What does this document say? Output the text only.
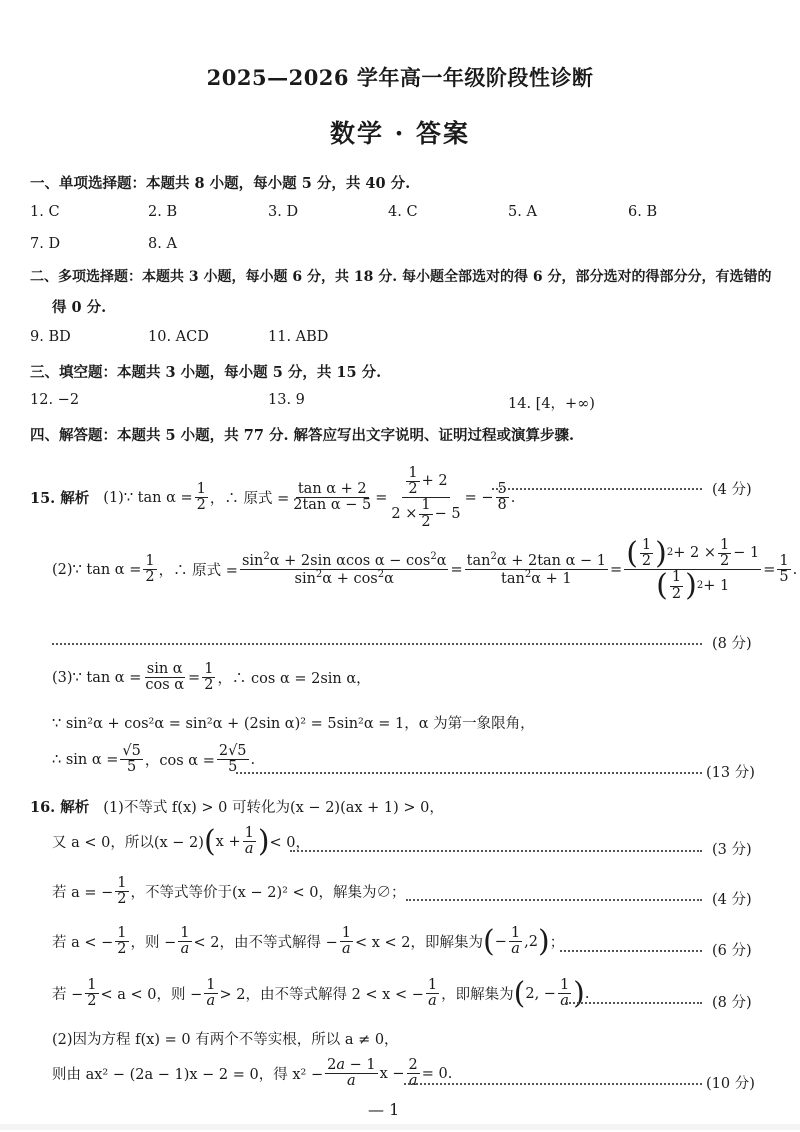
2025—2026 学年高一年级阶段性诊断
数学 · 答案
一、单项选择题：本题共 8 小题，每小题 5 分，共 40 分.
1. C	2. B	3. D	4. C	5. A	6. B
7. D	8. A
二、多项选择题：本题共 3 小题，每小题 6 分，共 18 分. 每小题全部选对的得 6 分，部分选对的得部分分，有选错的
得 0 分.
9. BD	10. ACD	11. ABD
三、填空题：本题共 3 小题，每小题 5 分，共 15 分.
12. −2	13. 9	14. [4，+∞)
四、解答题：本题共 5 小题，共 77 分. 解答应写出文字说明、证明过程或演算步骤.
15. 解析 (1)∵ $\tan \alpha = \frac{1}{2}$ ，∴ 原式 = $\frac{\text{tan α + 2}}{\text{2tan α − 5}} = \frac{\frac{1}{2} + 2}{2 \times \frac{1}{2} - 5}$ = − $\frac{5}{8}$ .	(4 分)
(2)∵ $\tan \alpha = \frac{1}{2}$ ，∴ 原式 = $\frac{\sin^2\alpha + 2\sin \alpha\cos \alpha - \cos^2\alpha}{\sin^2\alpha + \cos^2\alpha} = \frac{\tan^2\alpha + 2\tan \alpha - 1}{\tan^2\alpha + 1} = \frac{( \frac{1}{2} ) 2 + 2 \times \frac{1}{2} - 1}{( \frac{1}{2} ) 2 + 1} = \frac{1}{5}$ .
(8 分)
(3)∵ $\tan \alpha = \frac{\text{sin α}}{\text{cos α}} = \frac{1}{2}$ ，∴ cos α = 2sin α，
∵ sin²α + cos²α = sin²α + (2sin α)² = 5sin²α = 1，α 为第一象限角，
∴ $\sin \alpha = \frac{√5}{5}$ ，$\cos \alpha = \frac{2√5}{5}$ .
(13 分)
16. 解析 (1)不等式 f(x) > 0 可转化为(x − 2)(ax + 1) > 0，
又 a < 0，所以(x − 2) ( $x + \frac{1}{a}$ ) < 0，	(3 分)
若 a = − $\frac{1}{2}$ ，不等式等价于(x − 2)² < 0，解集为∅；	(4 分)
若 a < − $\frac{1}{2}$ ，则 − $\frac{1}{a} < 2$，由不等式解得 − $\frac{1}{a} < x < 2$，即解集为 ( − $\frac{1}{a} ,2$ ) ；	(6 分)
若 − $\frac{1}{2} < a < 0$，则 − $\frac{1}{a} > 2$，由不等式解得 2 < x < − $\frac{1}{a}$ ，即解集为 ( 2, − $\frac{1}{a}$ ) .
(8 分)
(2)因为方程 f(x) = 0 有两个不等实根，所以 a ≠ 0，
则由 ax² − (2a − 1)x − 2 = 0，得 $x^2 - \frac{2a - 1}{a}$ $x - \frac{2}{a} = 0$.
(10 分)
— 1
